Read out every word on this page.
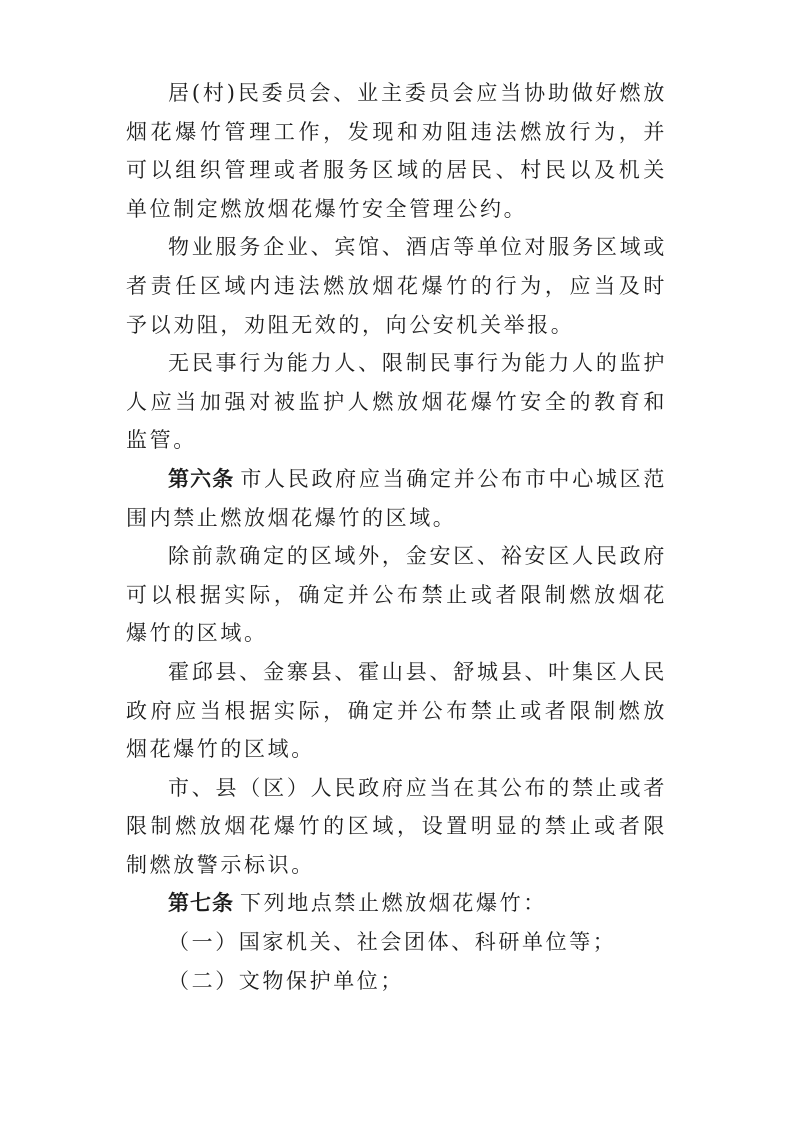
居(村)民委员会、业主委员会应当协助做好燃放烟花爆竹管理工作，发现和劝阻违法燃放行为，并可以组织管理或者服务区域的居民、村民以及机关单位制定燃放烟花爆竹安全管理公约。

物业服务企业、宾馆、酒店等单位对服务区域或者责任区域内违法燃放烟花爆竹的行为，应当及时予以劝阻，劝阻无效的，向公安机关举报。

无民事行为能力人、限制民事行为能力人的监护人应当加强对被监护人燃放烟花爆竹安全的教育和监管。

第六条 市人民政府应当确定并公布市中心城区范围内禁止燃放烟花爆竹的区域。

除前款确定的区域外，金安区、裕安区人民政府可以根据实际，确定并公布禁止或者限制燃放烟花爆竹的区域。

霍邱县、金寨县、霍山县、舒城县、叶集区人民政府应当根据实际，确定并公布禁止或者限制燃放烟花爆竹的区域。

市、县（区）人民政府应当在其公布的禁止或者限制燃放烟花爆竹的区域，设置明显的禁止或者限制燃放警示标识。

第七条 下列地点禁止燃放烟花爆竹：

（一）国家机关、社会团体、科研单位等；

（二）文物保护单位；
